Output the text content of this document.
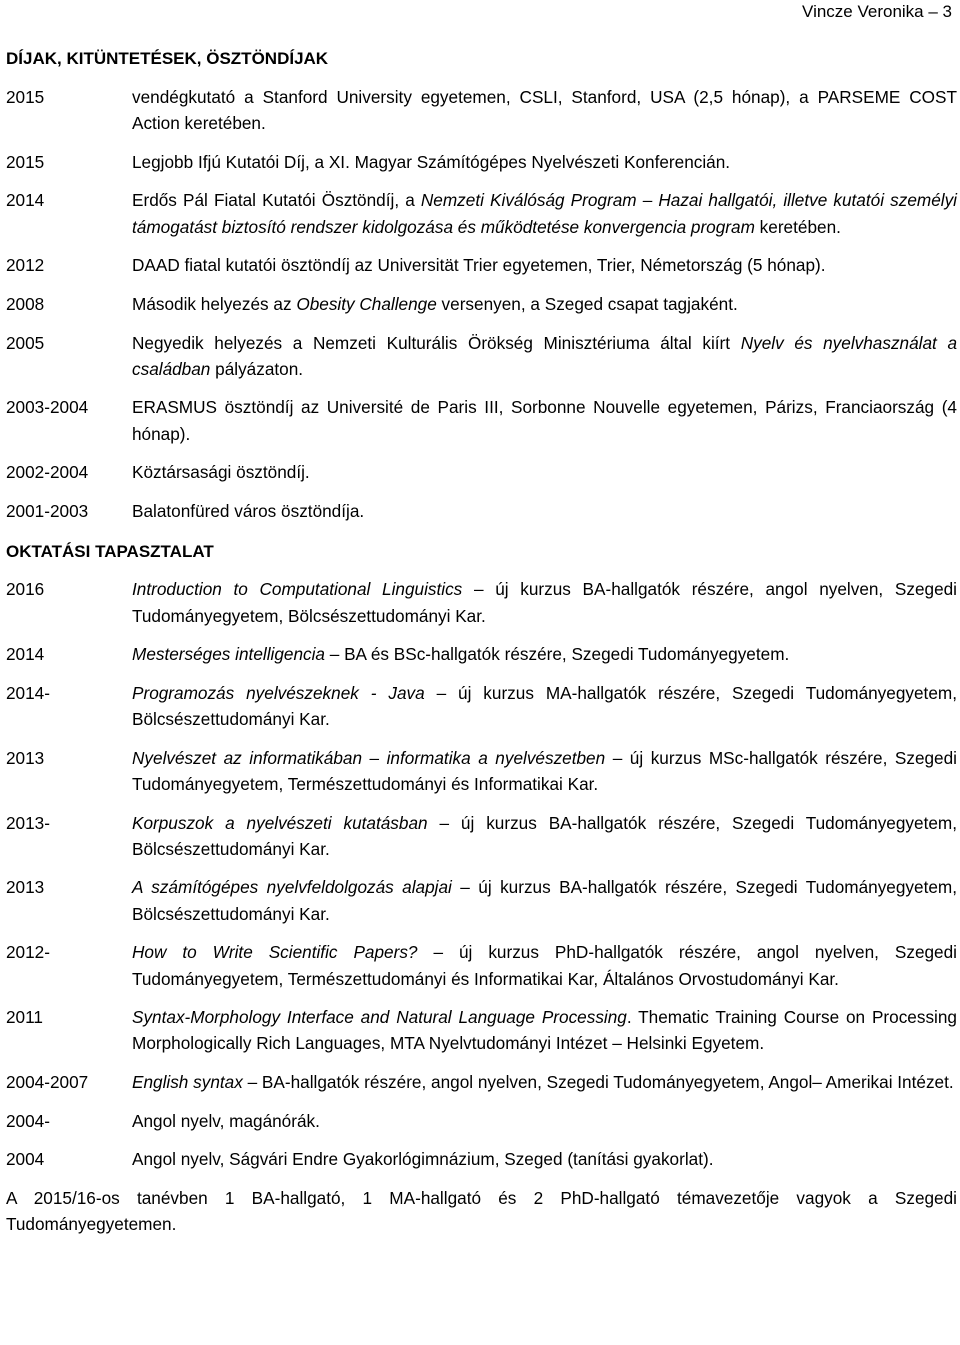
Vincze Veronika – 3
DÍJAK, KITÜNTETÉSEK, ÖSZTÖNDÍJAK
2015	vendégkutató a Stanford University egyetemen, CSLI, Stanford, USA (2,5 hónap), a PARSEME COST Action keretében.
2015	Legjobb Ifjú Kutatói Díj, a XI. Magyar Számítógépes Nyelvészeti Konferencián.
2014	Erdős Pál Fiatal Kutatói Ösztöndíj, a Nemzeti Kiválóság Program – Hazai hallgatói, illetve kutatói személyi támogatást biztosító rendszer kidolgozása és működtetése konvergencia program keretében.
2012	DAAD fiatal kutatói ösztöndíj az Universität Trier egyetemen, Trier, Németország (5 hónap).
2008	Második helyezés az Obesity Challenge versenyen, a Szeged csapat tagjaként.
2005	Negyedik helyezés a Nemzeti Kulturális Örökség Minisztériuma által kiírt Nyelv és nyelvhasználat a családban pályázaton.
2003-2004	ERASMUS ösztöndíj az Université de Paris III, Sorbonne Nouvelle egyetemen, Párizs, Franciaország (4 hónap).
2002-2004	Köztársasági ösztöndíj.
2001-2003	Balatonfüred város ösztöndíja.
OKTATÁSI TAPASZTALAT
2016	Introduction to Computational Linguistics – új kurzus BA-hallgatók részére, angol nyelven, Szegedi Tudományegyetem, Bölcsészettudományi Kar.
2014	Mesterséges intelligencia – BA és BSc-hallgatók részére, Szegedi Tudományegyetem.
2014-	Programozás nyelvészeknek - Java – új kurzus MA-hallgatók részére, Szegedi Tudományegyetem, Bölcsészettudományi Kar.
2013	Nyelvészet az informatikában – informatika a nyelvészetben – új kurzus MSc-hallgatók részére, Szegedi Tudományegyetem, Természettudományi és Informatikai Kar.
2013-	Korpuszok a nyelvészeti kutatásban – új kurzus BA-hallgatók részére, Szegedi Tudományegyetem, Bölcsészettudományi Kar.
2013	A számítógépes nyelvfeldolgozás alapjai – új kurzus BA-hallgatók részére, Szegedi Tudományegyetem, Bölcsészettudományi Kar.
2012-	How to Write Scientific Papers? – új kurzus PhD-hallgatók részére, angol nyelven, Szegedi Tudományegyetem, Természettudományi és Informatikai Kar, Általános Orvostudományi Kar.
2011	Syntax-Morphology Interface and Natural Language Processing. Thematic Training Course on Processing Morphologically Rich Languages, MTA Nyelvtudományi Intézet – Helsinki Egyetem.
2004-2007	English syntax – BA-hallgatók részére, angol nyelven, Szegedi Tudományegyetem, Angol– Amerikai Intézet.
2004-	Angol nyelv, magánórák.
2004	Angol nyelv, Ságvári Endre Gyakorlógimnázium, Szeged (tanítási gyakorlat).
A 2015/16-os tanévben 1 BA-hallgató, 1 MA-hallgató és 2 PhD-hallgató témavezetője vagyok a Szegedi Tudományegyetemen.
